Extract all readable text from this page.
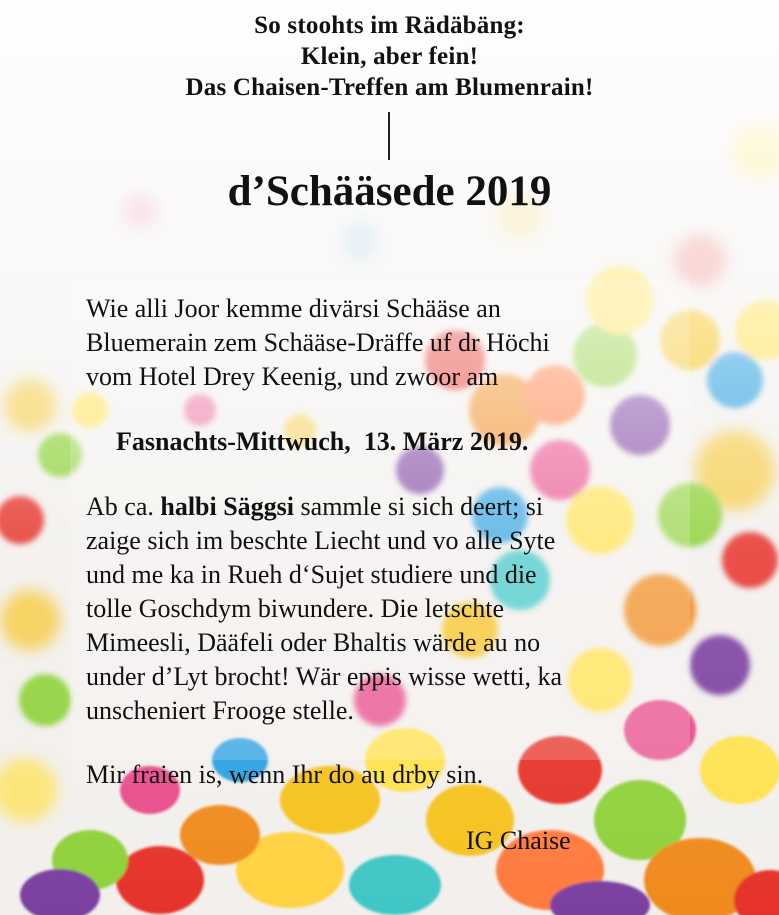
So stoohts im Rädäbäng:
Klein, aber fein!
Das Chaisen-Treffen am Blumenrain!
d’Schääsede 2019

Wie alli Joor kemme divärsi Schääse an
Bluemerain zem Schääse-Dräffe uf dr Höchi
vom Hotel Drey Keenig, und zwoor am

Fasnachts-Mittwuch,  13. März 2019.

Ab ca. halbi Säggsi sammle si sich deert; si
zaige sich im beschte Liecht und vo alle Syte
und me ka in Rueh d‘Sujet studiere und die
tolle Goschdym biwundere. Die letschte
Mimeesli, Dääfeli oder Bhaltis wärde au no
under d’Lyt brocht! Wär eppis wisse wetti, ka
unscheniert Frooge stelle.

Mir fraien is, wenn Ihr do au drby sin.

IG Chaise
